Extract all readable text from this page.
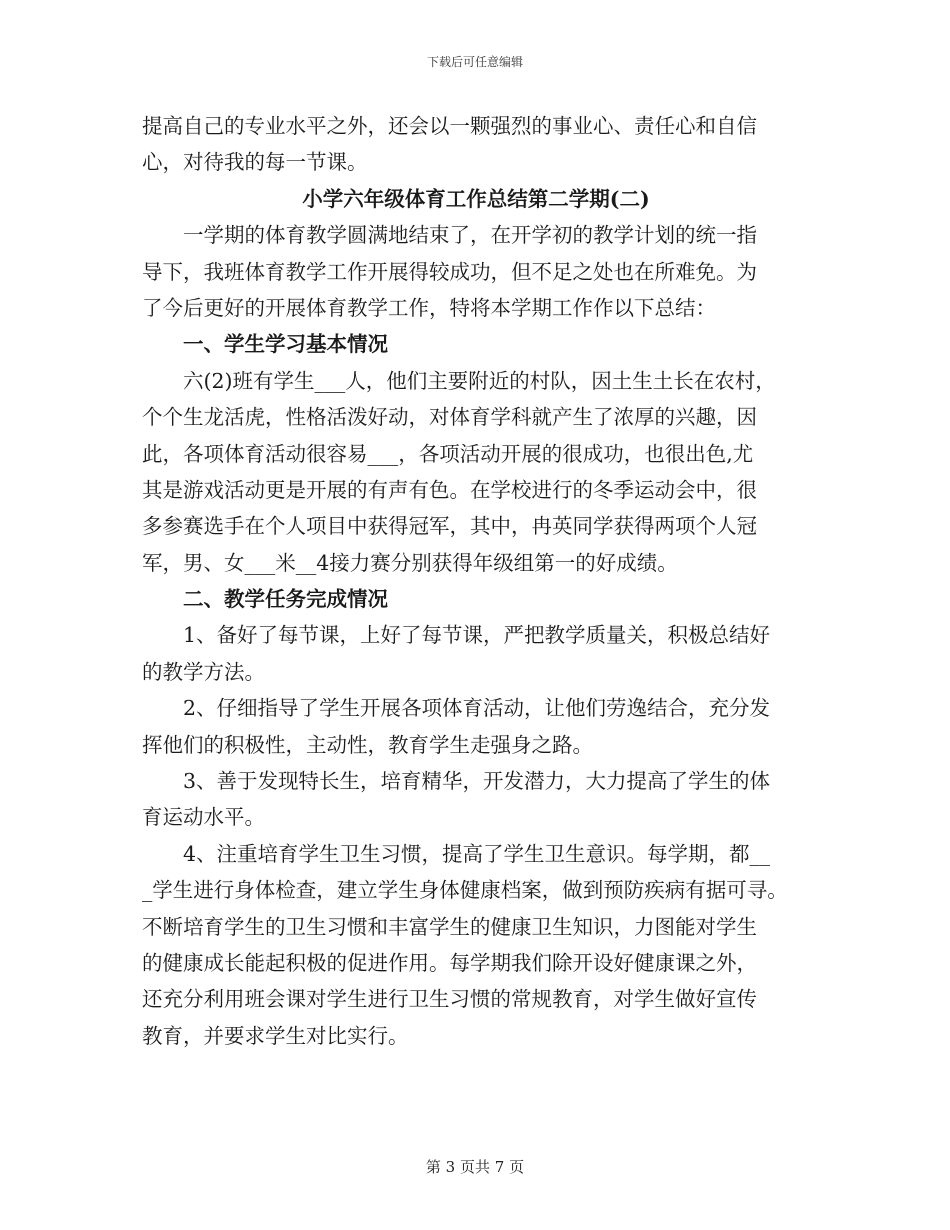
下载后可任意编辑
提高自己的专业水平之外，还会以一颗强烈的事业心、责任心和自信
心，对待我的每一节课。
小学六年级体育工作总结第二学期(二)
一学期的体育教学圆满地结束了，在开学初的教学计划的统一指
导下，我班体育教学工作开展得较成功，但不足之处也在所难免。为
了今后更好的开展体育教学工作，特将本学期工作作以下总结：
一、学生学习基本情况
六(2)班有学生___人，他们主要附近的村队，因土生土长在农村，
个个生龙活虎，性格活泼好动，对体育学科就产生了浓厚的兴趣，因
此，各项体育活动很容易___，各项活动开展的很成功，也很出色,尤
其是游戏活动更是开展的有声有色。在学校进行的冬季运动会中，很
多参赛选手在个人项目中获得冠军，其中，冉英同学获得两项个人冠
军，男、女___米__4接力赛分别获得年级组第一的好成绩。
二、教学任务完成情况
1、备好了每节课，上好了每节课，严把教学质量关，积极总结好
的教学方法。
2、仔细指导了学生开展各项体育活动，让他们劳逸结合，充分发
挥他们的积极性，主动性，教育学生走强身之路。
3、善于发现特长生，培育精华，开发潜力，大力提高了学生的体
育运动水平。
4、注重培育学生卫生习惯，提高了学生卫生意识。每学期，都__
_学生进行身体检查，建立学生身体健康档案，做到预防疾病有据可寻。
不断培育学生的卫生习惯和丰富学生的健康卫生知识，力图能对学生
的健康成长能起积极的促进作用。每学期我们除开设好健康课之外，
还充分利用班会课对学生进行卫生习惯的常规教育，对学生做好宣传
教育，并要求学生对比实行。
第 3 页共 7 页
